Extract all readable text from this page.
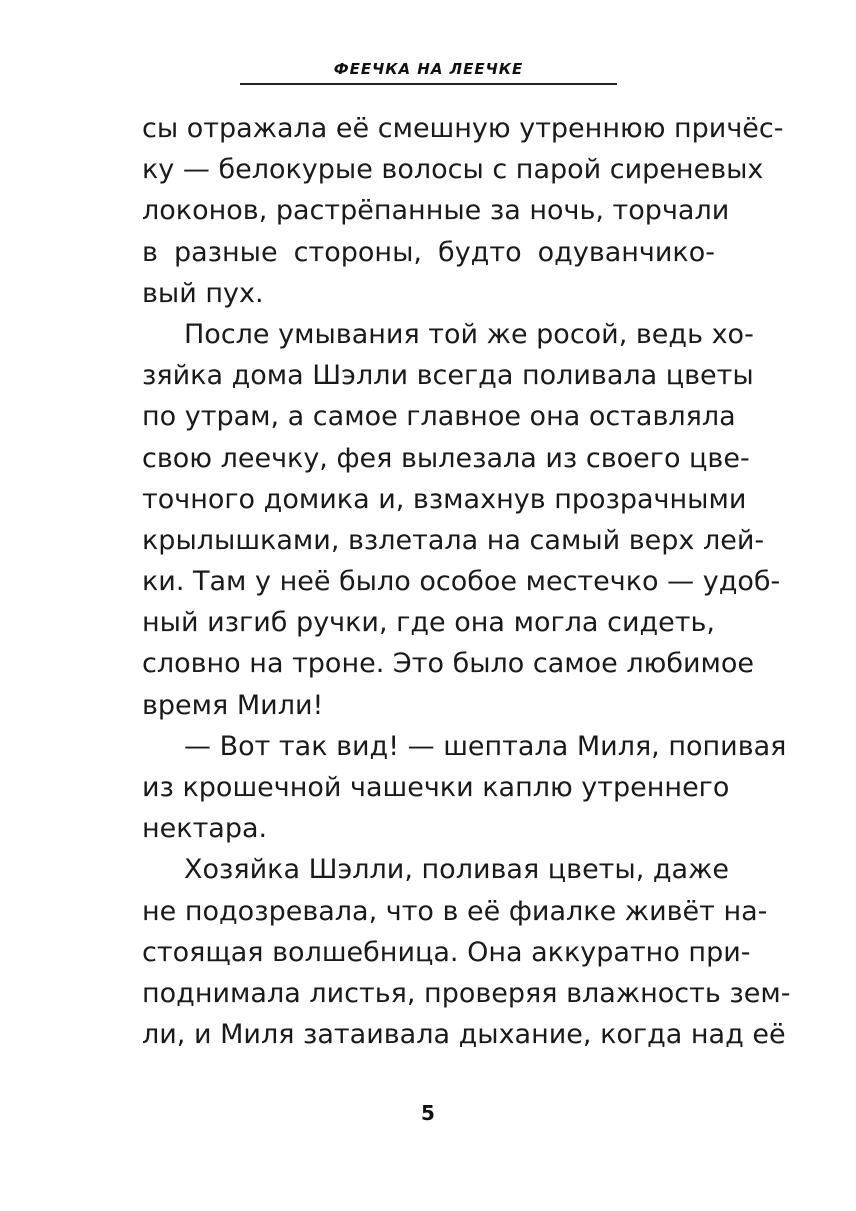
ФЕЕЧКА НА ЛЕЕЧКЕ
сы отражала её смешную утреннюю причёс-
ку — белокурые волосы с парой сиреневых
локонов, растрёпанные за ночь, торчали
в разные стороны, будто одуванчико-
вый пух.
После умывания той же росой, ведь хо-
зяйка дома Шэлли всегда поливала цветы
по утрам, а самое главное она оставляла
свою леечку, фея вылезала из своего цве-
точного домика и, взмахнув прозрачными
крылышками, взлетала на самый верх лей-
ки. Там у неё было особое местечко — удоб-
ный изгиб ручки, где она могла сидеть,
словно на троне. Это было самое любимое
время Мили!
— Вот так вид! — шептала Миля, попивая
из крошечной чашечки каплю утреннего
нектара.
Хозяйка Шэлли, поливая цветы, даже
не подозревала, что в её фиалке живёт на-
стоящая волшебница. Она аккуратно при-
поднимала листья, проверяя влажность зем-
ли, и Миля затаивала дыхание, когда над её
5
